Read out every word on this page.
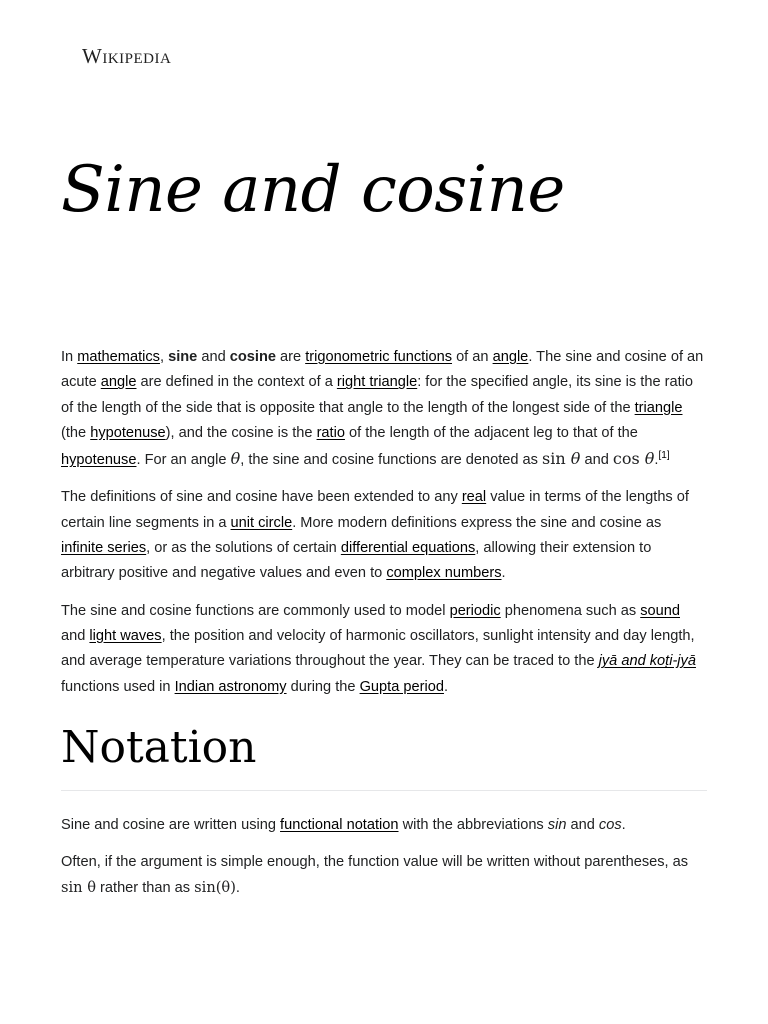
Wikipedia
Sine and cosine

In mathematics, sine and cosine are trigonometric functions of an angle. The sine and cosine of an acute angle are defined in the context of a right triangle: for the specified angle, its sine is the ratio of the length of the side that is opposite that angle to the length of the longest side of the triangle (the hypotenuse), and the cosine is the ratio of the length of the adjacent leg to that of the hypotenuse. For an angle θ, the sine and cosine functions are denoted as sin θ and cos θ.[1]

The definitions of sine and cosine have been extended to any real value in terms of the lengths of certain line segments in a unit circle. More modern definitions express the sine and cosine as infinite series, or as the solutions of certain differential equations, allowing their extension to arbitrary positive and negative values and even to complex numbers.

The sine and cosine functions are commonly used to model periodic phenomena such as sound and light waves, the position and velocity of harmonic oscillators, sunlight intensity and day length, and average temperature variations throughout the year. They can be traced to the jyā and koṭi-jyā functions used in Indian astronomy during the Gupta period.

Notation

Sine and cosine are written using functional notation with the abbreviations sin and cos.

Often, if the argument is simple enough, the function value will be written without parentheses, as sin θ rather than as sin(θ).
